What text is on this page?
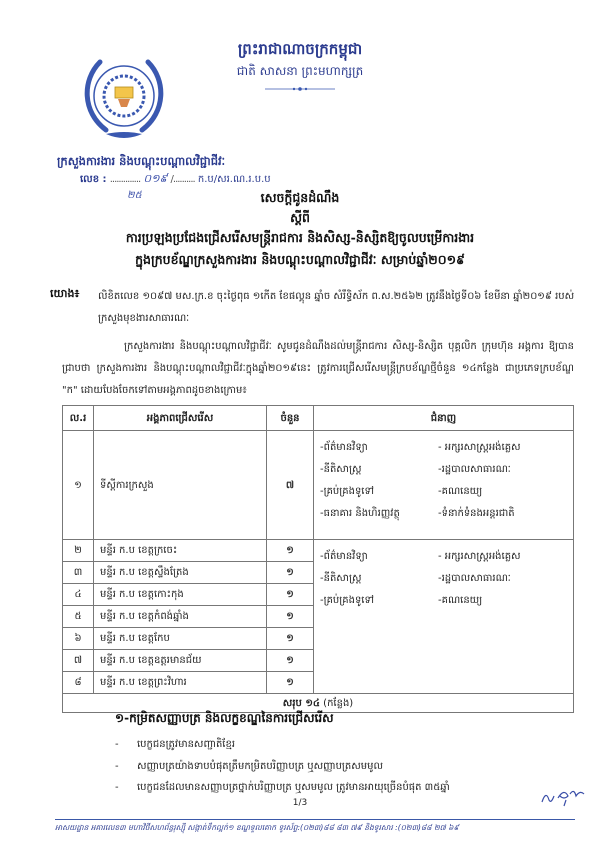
ព្រះរាជាណាចក្រកម្ពុជា
ជាតិ សាសនា ព្រះមហាក្សត្រ
ក្រសួងការងារ និងបណ្តុះបណ្តាលវិជ្ជាជីវៈ
លេខ : .............. ០១៩ /.......... ក.ប/សរ.ណ.រ.ប.ប
២៥	សេចក្តីជូនដំណឹង
ស្តីពី
ការប្រឡងប្រជែងជ្រើសរើសមន្ត្រីរាជការ និងសិស្ស-និស្សិតឱ្យចូលបម្រើការងារ
ក្នុងក្របខ័ណ្ឌក្រសួងការងារ និងបណ្តុះបណ្តាលវិជ្ជាជីវៈ សម្រាប់ឆ្នាំ២០១៩
យោង៖ លិខិតលេខ ១០៩៧ មស.ក្រ.ខ ចុះថ្ងៃពុធ ១កើត ខែផល្គុន ឆ្នាំច សំរឹទ្ធិស័ក ព.ស.២៥៦២ ត្រូវនឹងថ្ងៃទី០៦ ខែមីនា ឆ្នាំ២០១៩ របស់ក្រសួងមុខងារសាធារណៈ
ក្រសួងការងារ និងបណ្តុះបណ្តាលវិជ្ជាជីវៈ សូមជូនដំណឹងដល់មន្ត្រីរាជការ សិស្ស-និស្សិត បុគ្គលិក ក្រុមហ៊ុន អង្គការ ឱ្យបានជ្រាបថា ក្រសួងការងារ និងបណ្តុះបណ្តាលវិជ្ជាជីវៈក្នុងឆ្នាំ២០១៩នេះ ត្រូវការជ្រើសរើសមន្ត្រីក្របខ័ណ្ឌថ្មីចំនួន ១៤កន្លែង ជាប្រភេទក្របខ័ណ្ឌ "ក" ដោយបែងចែកទៅតាមអង្គភាពដូចខាងក្រោម៖
ល.រ	អង្គភាពជ្រើសរើស	ចំនួន	ជំនាញ
១	ទីស្តីការក្រសួង	៧	
-ព័ត៌មានវិទ្យា	- អក្សរសាស្ត្រអង់គ្លេស
-នីតិសាស្ត្រ	-រដ្ឋបាលសាធារណៈ
-គ្រប់គ្រងទូទៅ	-គណនេយ្យ
-ធនាគារ និងហិរញ្ញវត្ថុ	-ទំនាក់ទំនងអន្តរជាតិ

២	មន្ទីរ ក.ប ខេត្តក្រចេះ	១	
-ព័ត៌មានវិទ្យា	- អក្សរសាស្ត្រអង់គ្លេស
-នីតិសាស្ត្រ	-រដ្ឋបាលសាធារណៈ
-គ្រប់គ្រងទូទៅ	-គណនេយ្យ

៣	មន្ទីរ ក.ប ខេត្តស្ទឹងត្រែង	១	
៤	មន្ទីរ ក.ប ខេត្តកោះកុង	១	
៥	មន្ទីរ ក.ប ខេត្តកំពង់ឆ្នាំង	១	
៦	មន្ទីរ ក.ប ខេត្តកែប	១	
៧	មន្ទីរ ក.ប ខេត្តឧត្តរមានជ័យ	១	
៨	មន្ទីរ ក.ប ខេត្តព្រះវិហារ	១	
សរុប ១៤ (កន្លែង)			
១-កម្រិតសញ្ញាបត្រ និងលក្ខខណ្ឌនៃការជ្រើសរើស
-	បេក្ខជនត្រូវមានសញ្ជាតិខ្មែរ
-	សញ្ញាបត្រយ៉ាងទាបបំផុតត្រឹមកម្រិតបរិញ្ញាបត្រ ឬសញ្ញាបត្រសមមូល
-	បេក្ខជនដែលមានសញ្ញាបត្រថ្នាក់បរិញ្ញាបត្រ ឬសមមូល ត្រូវមានអាយុច្រើនបំផុត ៣៥ឆ្នាំ
1/3
អាសយដ្ឋាន អគារលេខ៣ មហាវិថីសហព័ន្ធរុស្ស៊ី សង្កាត់ទឹកល្អក់១ ខណ្ឌទួលគោក ទូរស័ព្ទ:(០២៣)៨៨ ៨៣ ៧៩ និងទូរសារ :(០២៣)៨៨ ២៧ ៦៩
